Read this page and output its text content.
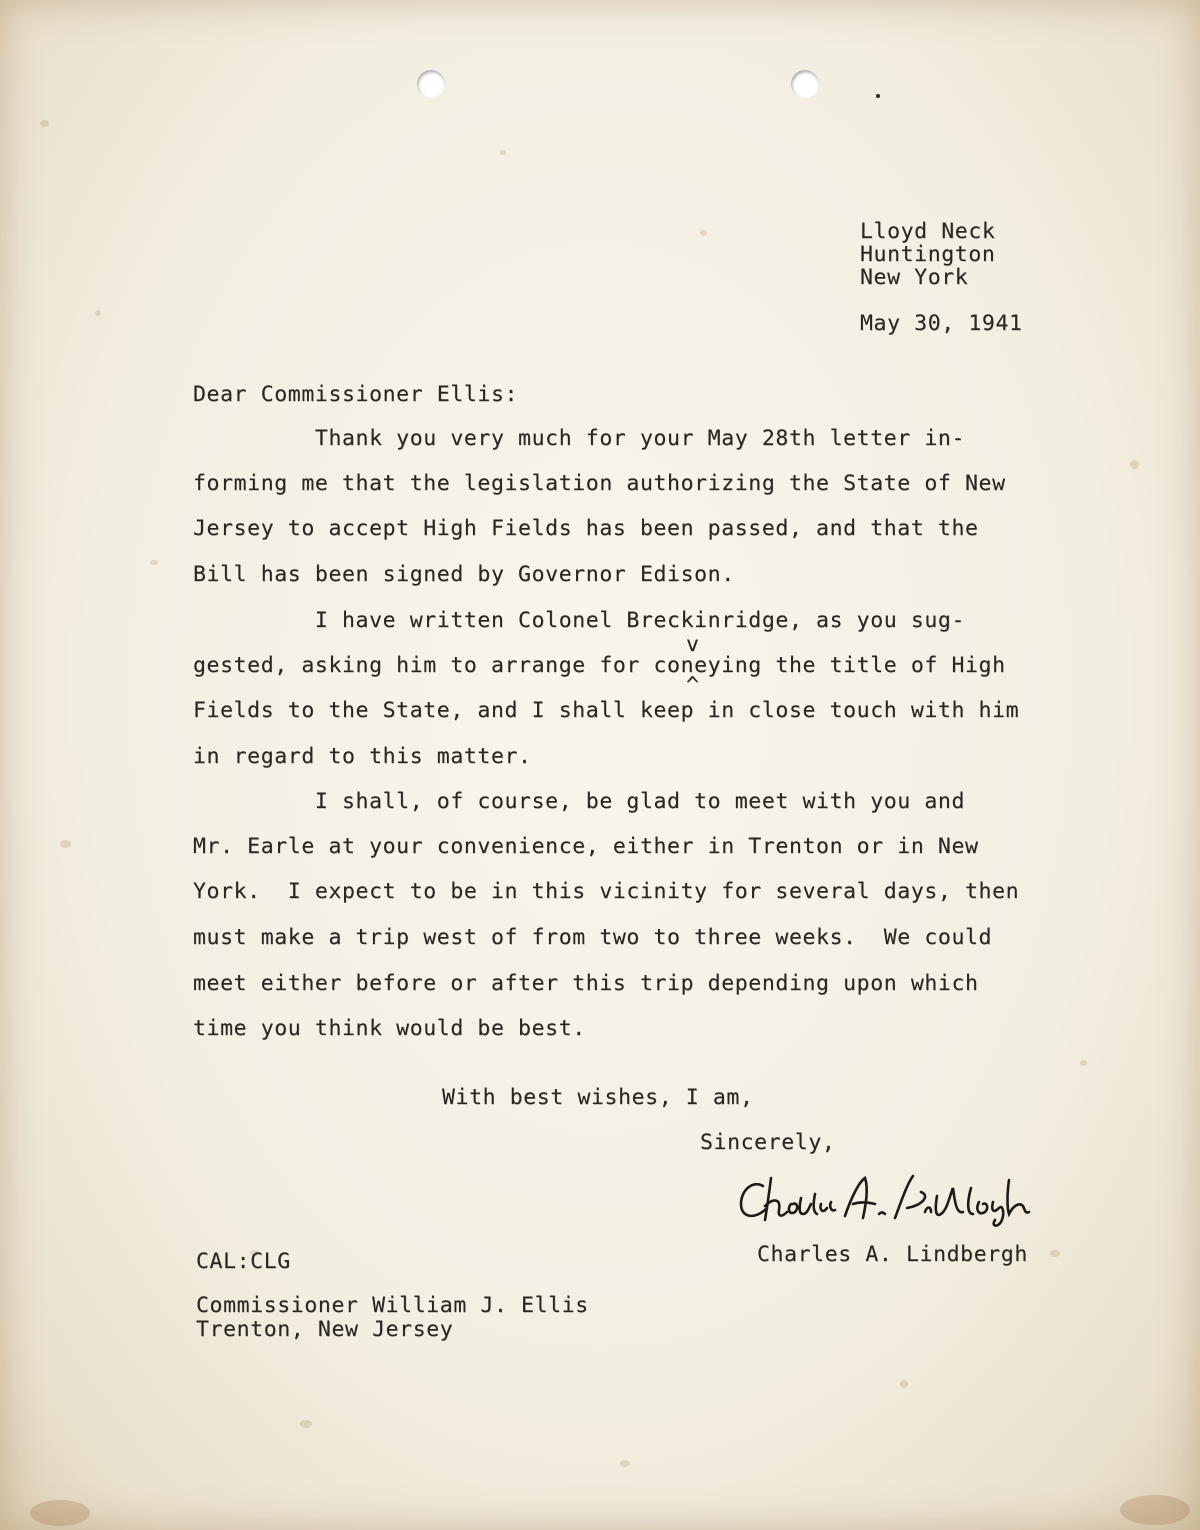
Lloyd Neck
Huntington
New York
May 30, 1941
Dear Commissioner Ellis:
Thank you very much for your May 28th letter in-
forming me that the legislation authorizing the State of New
Jersey to accept High Fields has been passed, and that the
Bill has been signed by Governor Edison.
I have written Colonel Breckinridge, as you sug-
v
gested, asking him to arrange for coneying the title of High
^
Fields to the State, and I shall keep in close touch with him
in regard to this matter.
I shall, of course, be glad to meet with you and
Mr. Earle at your convenience, either in Trenton or in New
York.  I expect to be in this vicinity for several days, then
must make a trip west of from two to three weeks.  We could
meet either before or after this trip depending upon which
time you think would be best.
With best wishes, I am,
Sincerely,
Charles A. Lindbergh
CAL:CLG
Commissioner William J. Ellis
Trenton, New Jersey
